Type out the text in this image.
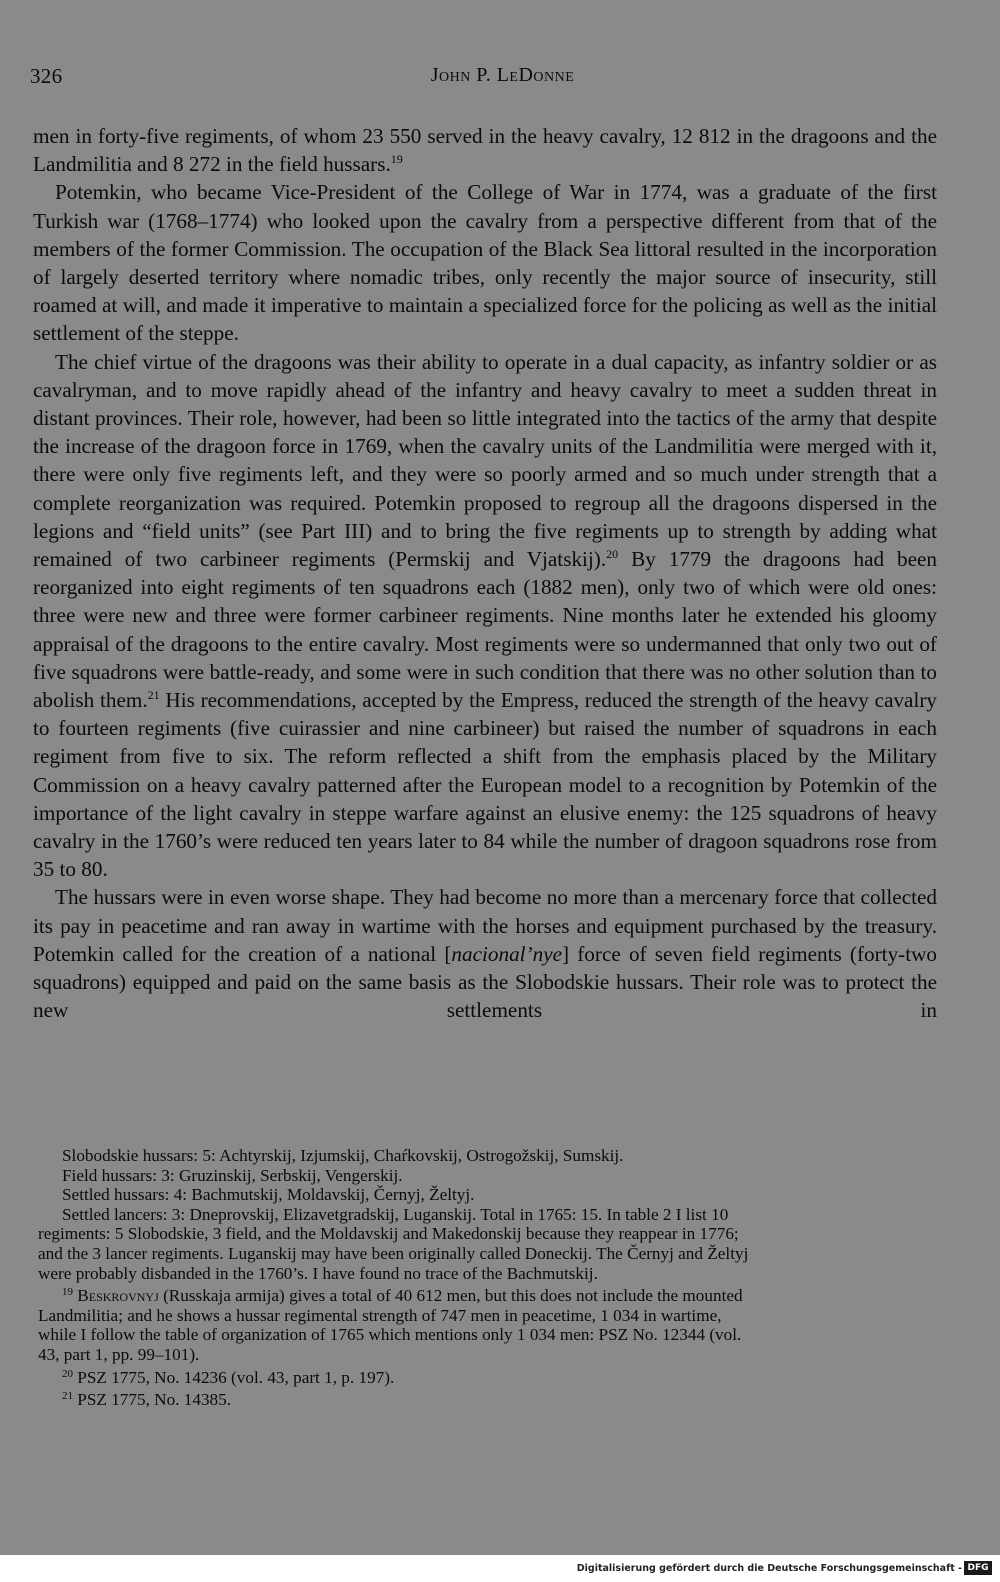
326	John P. LeDonne

men in forty-five regiments, of whom 23 550 served in the heavy cavalry, 12 812 in the dragoons and the Landmilitia and 8 272 in the field hussars.$^{19}$

Potemkin, who became Vice-President of the College of War in 1774, was a graduate of the first Turkish war (1768–1774) who looked upon the cavalry from a perspective different from that of the members of the former Commission. The occupation of the Black Sea littoral resulted in the incorporation of largely deserted territory where nomadic tribes, only recently the major source of insecurity, still roamed at will, and made it imperative to maintain a specialized force for the policing as well as the initial settlement of the steppe.

The chief virtue of the dragoons was their ability to operate in a dual capacity, as infantry soldier or as cavalryman, and to move rapidly ahead of the infantry and heavy cavalry to meet a sudden threat in distant provinces. Their role, however, had been so little integrated into the tactics of the army that despite the increase of the dragoon force in 1769, when the cavalry units of the Landmilitia were merged with it, there were only five regiments left, and they were so poorly armed and so much under strength that a complete reorganization was required. Potemkin proposed to regroup all the dragoons dispersed in the legions and “field units” (see Part III) and to bring the five regiments up to strength by adding what remained of two carbineer regiments (Permskij and Vjatskij).$^{20}$ By 1779 the dragoons had been reorganized into eight regiments of ten squadrons each (1882 men), only two of which were old ones: three were new and three were former carbineer regiments. Nine months later he extended his gloomy appraisal of the dragoons to the entire cavalry. Most regiments were so undermanned that only two out of five squadrons were battle-ready, and some were in such condition that there was no other solution than to abolish them.$^{21}$ His recommendations, accepted by the Empress, reduced the strength of the heavy cavalry to fourteen regiments (five cuirassier and nine carbineer) but raised the number of squadrons in each regiment from five to six. The reform reflected a shift from the emphasis placed by the Military Commission on a heavy cavalry patterned after the European model to a recognition by Potemkin of the importance of the light cavalry in steppe warfare against an elusive enemy: the 125 squadrons of heavy cavalry in the 1760’s were reduced ten years later to 84 while the number of dragoon squadrons rose from 35 to 80.

The hussars were in even worse shape. They had become no more than a mercenary force that collected its pay in peacetime and ran away in wartime with the horses and equipment purchased by the treasury. Potemkin called for the creation of a national [nacional’nye] force of seven field regiments (forty-two squadrons) equipped and paid on the same basis as the Slobodskie hussars. Their role was to protect the new settlements in

Slobodskie hussars: 5: Achtyrskij, Izjumskij, Chaŕkovskij, Ostrogožskij, Sumskij.
Field hussars: 3: Gruzinskij, Serbskij, Vengerskij.
Settled hussars: 4: Bachmutskij, Moldavskij, Černyj, Želtyj.
Settled lancers: 3: Dneprovskij, Elizavetgradskij, Luganskij. Total in 1765: 15. In table 2 I list 10
regiments: 5 Slobodskie, 3 field, and the Moldavskij and Makedonskij because they reappear in 1776;
and the 3 lancer regiments. Luganskij may have been originally called Doneckij. The Černyj and Želtyj
were probably disbanded in the 1760’s. I have found no trace of the Bachmutskij.
$^{19}$ Beskrovnyj (Russkaja armija) gives a total of 40 612 men, but this does not include the mounted
Landmilitia; and he shows a hussar regimental strength of 747 men in peacetime, 1 034 in wartime,
while I follow the table of organization of 1765 which mentions only 1 034 men: PSZ No. 12344 (vol.
43, part 1, pp. 99–101).
$^{20}$ PSZ 1775, No. 14236 (vol. 43, part 1, p. 197).
$^{21}$ PSZ 1775, No. 14385.
Digitalisierung gefördert durch die Deutsche Forschungsgemeinschaft - DFG
